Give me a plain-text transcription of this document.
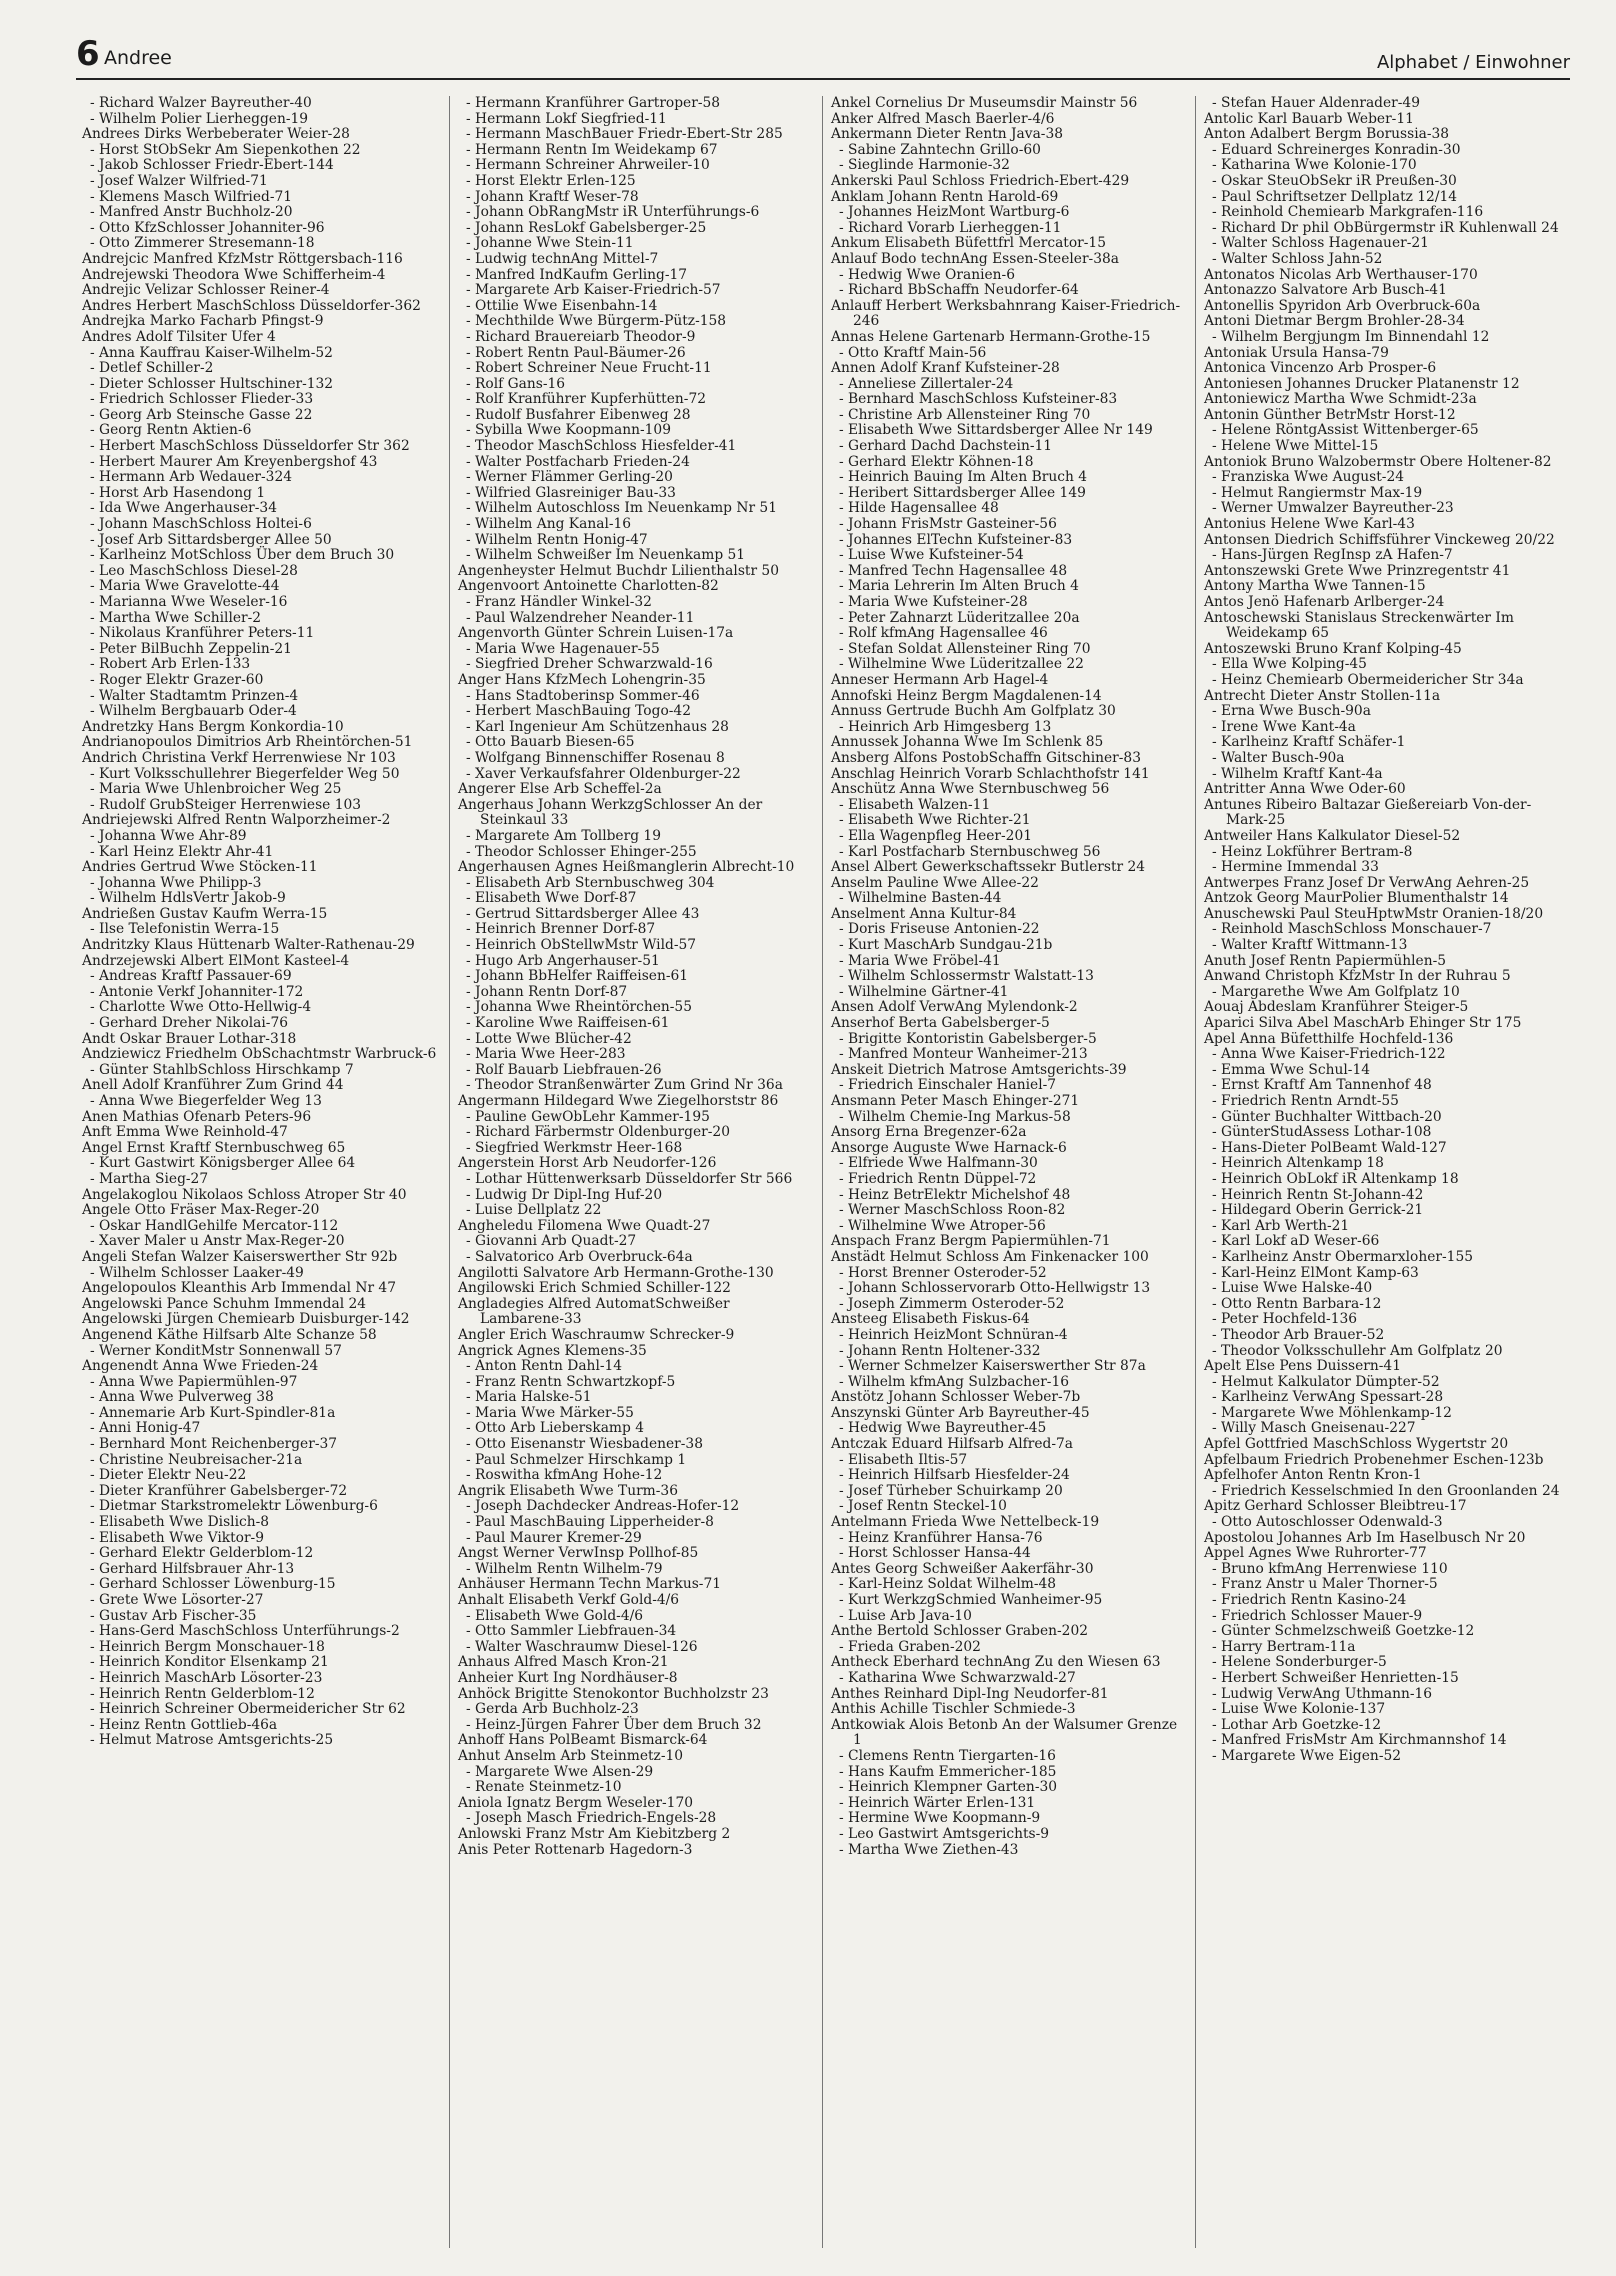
6 Andree	Alphabet / Einwohner
- Richard Walzer Bayreuther-40
- Wilhelm Polier Lierheggen-19
Andrees Dirks Werbeberater Weier-28
- Horst StObSekr Am Siepenkothen 22
- Jakob Schlosser Friedr-Ebert-144
- Josef Walzer Wilfried-71
- Klemens Masch Wilfried-71
- Manfred Anstr Buchholz-20
- Otto KfzSchlosser Johanniter-96
- Otto Zimmerer Stresemann-18
Andrejcic Manfred KfzMstr Röttgersbach-116
Andrejewski Theodora Wwe Schifferheim-4
Andrejic Velizar Schlosser Reiner-4
Andres Herbert MaschSchloss Düsseldorfer-362
Andrejka Marko Facharb Pfingst-9
Andres Adolf Tilsiter Ufer 4
- Anna Kauffrau Kaiser-Wilhelm-52
- Detlef Schiller-2
- Dieter Schlosser Hultschiner-132
- Friedrich Schlosser Flieder-33
- Georg Arb Steinsche Gasse 22
- Georg Rentn Aktien-6
- Herbert MaschSchloss Düsseldorfer Str 362
- Herbert Maurer Am Kreyenbergshof 43
- Hermann Arb Wedauer-324
- Horst Arb Hasendong 1
- Ida Wwe Angerhauser-34
- Johann MaschSchloss Holtei-6
- Josef Arb Sittardsberger Allee 50
- Karlheinz MotSchloss Über dem Bruch 30
- Leo MaschSchloss Diesel-28
- Maria Wwe Gravelotte-44
- Marianna Wwe Weseler-16
- Martha Wwe Schiller-2
- Nikolaus Kranführer Peters-11
- Peter BilBuchh Zeppelin-21
- Robert Arb Erlen-133
- Roger Elektr Grazer-60
- Walter Stadtamtm Prinzen-4
- Wilhelm Bergbauarb Oder-4
Andretzky Hans Bergm Konkordia-10
Andrianopoulos Dimitrios Arb Rheintörchen-51
Andrich Christina Verkf Herrenwiese Nr 103
- Kurt Volksschullehrer Biegerfelder Weg 50
- Maria Wwe Uhlenbroicher Weg 25
- Rudolf GrubSteiger Herrenwiese 103
Andriejewski Alfred Rentn Walporzheimer-2
- Johanna Wwe Ahr-89
- Karl Heinz Elektr Ahr-41
Andries Gertrud Wwe Stöcken-11
- Johanna Wwe Philipp-3
- Wilhelm HdlsVertr Jakob-9
Andrießen Gustav Kaufm Werra-15
- Ilse Telefonistin Werra-15
Andritzky Klaus Hüttenarb Walter-Rathenau-29
Andrzejewski Albert ElMont Kasteel-4
- Andreas Kraftf Passauer-69
- Antonie Verkf Johanniter-172
- Charlotte Wwe Otto-Hellwig-4
- Gerhard Dreher Nikolai-76
Andt Oskar Brauer Lothar-318
Andziewicz Friedhelm ObSchachtmstr Warbruck-6
- Günter StahlbSchloss Hirschkamp 7
Anell Adolf Kranführer Zum Grind 44
- Anna Wwe Biegerfelder Weg 13
Anen Mathias Ofenarb Peters-96
Anft Emma Wwe Reinhold-47
Angel Ernst Kraftf Sternbuschweg 65
- Kurt Gastwirt Königsberger Allee 64
- Martha Sieg-27
Angelakoglou Nikolaos Schloss Atroper Str 40
Angele Otto Fräser Max-Reger-20
- Oskar HandlGehilfe Mercator-112
- Xaver Maler u Anstr Max-Reger-20
Angeli Stefan Walzer Kaiserswerther Str 92b
- Wilhelm Schlosser Laaker-49
Angelopoulos Kleanthis Arb Immendal Nr 47
Angelowski Pance Schuhm Immendal 24
Angelowski Jürgen Chemiearb Duisburger-142
Angenend Käthe Hilfsarb Alte Schanze 58
- Werner KonditMstr Sonnenwall 57
Angenendt Anna Wwe Frieden-24
- Anna Wwe Papiermühlen-97
- Anna Wwe Pulverweg 38
- Annemarie Arb Kurt-Spindler-81a
- Anni Honig-47
- Bernhard Mont Reichenberger-37
- Christine Neubreisacher-21a
- Dieter Elektr Neu-22
- Dieter Kranführer Gabelsberger-72
- Dietmar Starkstromelektr Löwenburg-6
- Elisabeth Wwe Dislich-8
- Elisabeth Wwe Viktor-9
- Gerhard Elektr Gelderblom-12
- Gerhard Hilfsbrauer Ahr-13
- Gerhard Schlosser Löwenburg-15
- Grete Wwe Lösorter-27
- Gustav Arb Fischer-35
- Hans-Gerd MaschSchloss Unterführungs-2
- Heinrich Bergm Monschauer-18
- Heinrich Konditor Elsenkamp 21
- Heinrich MaschArb Lösorter-23
- Heinrich Rentn Gelderblom-12
- Heinrich Schreiner Obermeidericher Str 62
- Heinz Rentn Gottlieb-46a
- Helmut Matrose Amtsgerichts-25
- Hermann Kranführer Gartroper-58
- Hermann Lokf Siegfried-11
- Hermann MaschBauer Friedr-Ebert-Str 285
- Hermann Rentn Im Weidekamp 67
- Hermann Schreiner Ahrweiler-10
- Horst Elektr Erlen-125
- Johann Kraftf Weser-78
- Johann ObRangMstr iR Unterführungs-6
- Johann ResLokf Gabelsberger-25
- Johanne Wwe Stein-11
- Ludwig technAng Mittel-7
- Manfred IndKaufm Gerling-17
- Margarete Arb Kaiser-Friedrich-57
- Ottilie Wwe Eisenbahn-14
- Mechthilde Wwe Bürgerm-Pütz-158
- Richard Brauereiarb Theodor-9
- Robert Rentn Paul-Bäumer-26
- Robert Schreiner Neue Frucht-11
- Rolf Gans-16
- Rolf Kranführer Kupferhütten-72
- Rudolf Busfahrer Eibenweg 28
- Sybilla Wwe Koopmann-109
- Theodor MaschSchloss Hiesfelder-41
- Walter Postfacharb Frieden-24
- Werner Flämmer Gerling-20
- Wilfried Glasreiniger Bau-33
- Wilhelm Autoschloss Im Neuenkamp Nr 51
- Wilhelm Ang Kanal-16
- Wilhelm Rentn Honig-47
- Wilhelm Schweißer Im Neuenkamp 51
Angenheyster Helmut Buchdr Lilienthalstr 50
Angenvoort Antoinette Charlotten-82
- Franz Händler Winkel-32
- Paul Walzendreher Neander-11
Angenvorth Günter Schrein Luisen-17a
- Maria Wwe Hagenauer-55
- Siegfried Dreher Schwarzwald-16
Anger Hans KfzMech Lohengrin-35
- Hans Stadtoberinsp Sommer-46
- Herbert MaschBauing Togo-42
- Karl Ingenieur Am Schützenhaus 28
- Otto Bauarb Biesen-65
- Wolfgang Binnenschiffer Rosenau 8
- Xaver Verkaufsfahrer Oldenburger-22
Angerer Else Arb Scheffel-2a
Angerhaus Johann WerkzgSchlosser An der Steinkaul 33
- Margarete Am Tollberg 19
- Theodor Schlosser Ehinger-255
Angerhausen Agnes Heißmanglerin Albrecht-10
- Elisabeth Arb Sternbuschweg 304
- Elisabeth Wwe Dorf-87
- Gertrud Sittardsberger Allee 43
- Heinrich Brenner Dorf-87
- Heinrich ObStellwMstr Wild-57
- Hugo Arb Angerhauser-51
- Johann BbHelfer Raiffeisen-61
- Johann Rentn Dorf-87
- Johanna Wwe Rheintörchen-55
- Karoline Wwe Raiffeisen-61
- Lotte Wwe Blücher-42
- Maria Wwe Heer-283
- Rolf Bauarb Liebfrauen-26
- Theodor Stranßenwärter Zum Grind Nr 36a
Angermann Hildegard Wwe Ziegelhorststr 86
- Pauline GewObLehr Kammer-195
- Richard Färbermstr Oldenburger-20
- Siegfried Werkmstr Heer-168
Angerstein Horst Arb Neudorfer-126
- Lothar Hüttenwerksarb Düsseldorfer Str 566
- Ludwig Dr Dipl-Ing Huf-20
- Luise Dellplatz 22
Angheledu Filomena Wwe Quadt-27
- Giovanni Arb Quadt-27
- Salvatorico Arb Overbruck-64a
Angilotti Salvatore Arb Hermann-Grothe-130
Angilowski Erich Schmied Schiller-122
Angladegies Alfred AutomatSchweißer Lambarene-33
Angler Erich Waschraumw Schrecker-9
Angrick Agnes Klemens-35
- Anton Rentn Dahl-14
- Franz Rentn Schwartzkopf-5
- Maria Halske-51
- Maria Wwe Märker-55
- Otto Arb Lieberskamp 4
- Otto Eisenanstr Wiesbadener-38
- Paul Schmelzer Hirschkamp 1
- Roswitha kfmAng Hohe-12
Angrik Elisabeth Wwe Turm-36
- Joseph Dachdecker Andreas-Hofer-12
- Paul MaschBauing Lipperheider-8
- Paul Maurer Kremer-29
Angst Werner VerwInsp Pollhof-85
- Wilhelm Rentn Wilhelm-79
Anhäuser Hermann Techn Markus-71
Anhalt Elisabeth Verkf Gold-4/6
- Elisabeth Wwe Gold-4/6
- Otto Sammler Liebfrauen-34
- Walter Waschraumw Diesel-126
Anhaus Alfred Masch Kron-21
Anheier Kurt Ing Nordhäuser-8
Anhöck Brigitte Stenokontor Buchholzstr 23
- Gerda Arb Buchholz-23
- Heinz-Jürgen Fahrer Über dem Bruch 32
Anhoff Hans PolBeamt Bismarck-64
Anhut Anselm Arb Steinmetz-10
- Margarete Wwe Alsen-29
- Renate Steinmetz-10
Aniola Ignatz Bergm Weseler-170
- Joseph Masch Friedrich-Engels-28
Anlowski Franz Mstr Am Kiebitzberg 2
Anis Peter Rottenarb Hagedorn-3
Ankel Cornelius Dr Museumsdir Mainstr 56
Anker Alfred Masch Baerler-4/6
Ankermann Dieter Rentn Java-38
- Sabine Zahntechn Grillo-60
- Sieglinde Harmonie-32
Ankerski Paul Schloss Friedrich-Ebert-429
Anklam Johann Rentn Harold-69
- Johannes HeizMont Wartburg-6
- Richard Vorarb Lierheggen-11
Ankum Elisabeth Büfettfrl Mercator-15
Anlauf Bodo technAng Essen-Steeler-38a
- Hedwig Wwe Oranien-6
- Richard BbSchaffn Neudorfer-64
Anlauff Herbert Werksbahnrang Kaiser-Friedrich-246
Annas Helene Gartenarb Hermann-Grothe-15
- Otto Kraftf Main-56
Annen Adolf Kranf Kufsteiner-28
- Anneliese Zillertaler-24
- Bernhard MaschSchloss Kufsteiner-83
- Christine Arb Allensteiner Ring 70
- Elisabeth Wwe Sittardsberger Allee Nr 149
- Gerhard Dachd Dachstein-11
- Gerhard Elektr Köhnen-18
- Heinrich Bauing Im Alten Bruch 4
- Heribert Sittardsberger Allee 149
- Hilde Hagensallee 48
- Johann FrisMstr Gasteiner-56
- Johannes ElTechn Kufsteiner-83
- Luise Wwe Kufsteiner-54
- Manfred Techn Hagensallee 48
- Maria Lehrerin Im Alten Bruch 4
- Maria Wwe Kufsteiner-28
- Peter Zahnarzt Lüderitzallee 20a
- Rolf kfmAng Hagensallee 46
- Stefan Soldat Allensteiner Ring 70
- Wilhelmine Wwe Lüderitzallee 22
Anneser Hermann Arb Hagel-4
Annofski Heinz Bergm Magdalenen-14
Annuss Gertrude Buchh Am Golfplatz 30
- Heinrich Arb Himgesberg 13
Annussek Johanna Wwe Im Schlenk 85
Ansberg Alfons PostobSchaffn Gitschiner-83
Anschlag Heinrich Vorarb Schlachthofstr 141
Anschütz Anna Wwe Sternbuschweg 56
- Elisabeth Walzen-11
- Elisabeth Wwe Richter-21
- Ella Wagenpfleg Heer-201
- Karl Postfacharb Sternbuschweg 56
Ansel Albert Gewerkschaftssekr Butlerstr 24
Anselm Pauline Wwe Allee-22
- Wilhelmine Basten-44
Anselment Anna Kultur-84
- Doris Friseuse Antonien-22
- Kurt MaschArb Sundgau-21b
- Maria Wwe Fröbel-41
- Wilhelm Schlossermstr Walstatt-13
- Wilhelmine Gärtner-41
Ansen Adolf VerwAng Mylendonk-2
Anserhof Berta Gabelsberger-5
- Brigitte Kontoristin Gabelsberger-5
- Manfred Monteur Wanheimer-213
Anskeit Dietrich Matrose Amtsgerichts-39
- Friedrich Einschaler Haniel-7
Ansmann Peter Masch Ehinger-271
- Wilhelm Chemie-Ing Markus-58
Ansorg Erna Bregenzer-62a
Ansorge Auguste Wwe Harnack-6
- Elfriede Wwe Halfmann-30
- Friedrich Rentn Düppel-72
- Heinz BetrElektr Michelshof 48
- Werner MaschSchloss Roon-82
- Wilhelmine Wwe Atroper-56
Anspach Franz Bergm Papiermühlen-71
Anstädt Helmut Schloss Am Finkenacker 100
- Horst Brenner Osteroder-52
- Johann Schlosservorarb Otto-Hellwigstr 13
- Joseph Zimmerm Osteroder-52
Ansteeg Elisabeth Fiskus-64
- Heinrich HeizMont Schnüran-4
- Johann Rentn Holtener-332
- Werner Schmelzer Kaiserswerther Str 87a
- Wilhelm kfmAng Sulzbacher-16
Anstötz Johann Schlosser Weber-7b
Anszynski Günter Arb Bayreuther-45
- Hedwig Wwe Bayreuther-45
Antczak Eduard Hilfsarb Alfred-7a
- Elisabeth Iltis-57
- Heinrich Hilfsarb Hiesfelder-24
- Josef Türheber Schuirkamp 20
- Josef Rentn Steckel-10
Antelmann Frieda Wwe Nettelbeck-19
- Heinz Kranführer Hansa-76
- Horst Schlosser Hansa-44
Antes Georg Schweißer Aakerfähr-30
- Karl-Heinz Soldat Wilhelm-48
- Kurt WerkzgSchmied Wanheimer-95
- Luise Arb Java-10
Anthe Bertold Schlosser Graben-202
- Frieda Graben-202
Antheck Eberhard technAng Zu den Wiesen 63
- Katharina Wwe Schwarzwald-27
Anthes Reinhard Dipl-Ing Neudorfer-81
Anthis Achille Tischler Schmiede-3
Antkowiak Alois Betonb An der Walsumer Grenze 1
- Clemens Rentn Tiergarten-16
- Hans Kaufm Emmericher-185
- Heinrich Klempner Garten-30
- Heinrich Wärter Erlen-131
- Hermine Wwe Koopmann-9
- Leo Gastwirt Amtsgerichts-9
- Martha Wwe Ziethen-43
- Stefan Hauer Aldenrader-49
Antolic Karl Bauarb Weber-11
Anton Adalbert Bergm Borussia-38
- Eduard Schreinerges Konradin-30
- Katharina Wwe Kolonie-170
- Oskar SteuObSekr iR Preußen-30
- Paul Schriftsetzer Dellplatz 12/14
- Reinhold Chemiearb Markgrafen-116
- Richard Dr phil ObBürgermstr iR Kuhlenwall 24
- Walter Schloss Hagenauer-21
- Walter Schloss Jahn-52
Antonatos Nicolas Arb Werthauser-170
Antonazzo Salvatore Arb Busch-41
Antonellis Spyridon Arb Overbruck-60a
Antoni Dietmar Bergm Brohler-28-34
- Wilhelm Bergjungm Im Binnendahl 12
Antoniak Ursula Hansa-79
Antonica Vincenzo Arb Prosper-6
Antoniesen Johannes Drucker Platanenstr 12
Antoniewicz Martha Wwe Schmidt-23a
Antonin Günther BetrMstr Horst-12
- Helene RöntgAssist Wittenberger-65
- Helene Wwe Mittel-15
Antoniok Bruno Walzobermstr Obere Holtener-82
- Franziska Wwe August-24
- Helmut Rangiermstr Max-19
- Werner Umwalzer Bayreuther-23
Antonius Helene Wwe Karl-43
Antonsen Diedrich Schiffsführer Vinckeweg 20/22
- Hans-Jürgen RegInsp zA Hafen-7
Antonszewski Grete Wwe Prinzregentstr 41
Antony Martha Wwe Tannen-15
Antos Jenö Hafenarb Arlberger-24
Antoschewski Stanislaus Streckenwärter Im Weidekamp 65
Antoszewski Bruno Kranf Kolping-45
- Ella Wwe Kolping-45
- Heinz Chemiearb Obermeidericher Str 34a
Antrecht Dieter Anstr Stollen-11a
- Erna Wwe Busch-90a
- Irene Wwe Kant-4a
- Karlheinz Kraftf Schäfer-1
- Walter Busch-90a
- Wilhelm Kraftf Kant-4a
Antritter Anna Wwe Oder-60
Antunes Ribeiro Baltazar Gießereiarb Von-der-Mark-25
Antweiler Hans Kalkulator Diesel-52
- Heinz Lokführer Bertram-8
- Hermine Immendal 33
Antwerpes Franz Josef Dr VerwAng Aehren-25
Antzok Georg MaurPolier Blumenthalstr 14
Anuschewski Paul SteuHptwMstr Oranien-18/20
- Reinhold MaschSchloss Monschauer-7
- Walter Kraftf Wittmann-13
Anuth Josef Rentn Papiermühlen-5
Anwand Christoph KfzMstr In der Ruhrau 5
- Margarethe Wwe Am Golfplatz 10
Aouaj Abdeslam Kranführer Steiger-5
Aparici Silva Abel MaschArb Ehinger Str 175
Apel Anna Büfetthilfe Hochfeld-136
- Anna Wwe Kaiser-Friedrich-122
- Emma Wwe Schul-14
- Ernst Kraftf Am Tannenhof 48
- Friedrich Rentn Arndt-55
- Günter Buchhalter Wittbach-20
- GünterStudAssess Lothar-108
- Hans-Dieter PolBeamt Wald-127
- Heinrich Altenkamp 18
- Heinrich ObLokf iR Altenkamp 18
- Heinrich Rentn St-Johann-42
- Hildegard Oberin Gerrick-21
- Karl Arb Werth-21
- Karl Lokf aD Weser-66
- Karlheinz Anstr Obermarxloher-155
- Karl-Heinz ElMont Kamp-63
- Luise Wwe Halske-40
- Otto Rentn Barbara-12
- Peter Hochfeld-136
- Theodor Arb Brauer-52
- Theodor Volksschullehr Am Golfplatz 20
Apelt Else Pens Duissern-41
- Helmut Kalkulator Dümpter-52
- Karlheinz VerwAng Spessart-28
- Margarete Wwe Möhlenkamp-12
- Willy Masch Gneisenau-227
Apfel Gottfried MaschSchloss Wygertstr 20
Apfelbaum Friedrich Probenehmer Eschen-123b
Apfelhofer Anton Rentn Kron-1
- Friedrich Kesselschmied In den Groonlanden 24
Apitz Gerhard Schlosser Bleibtreu-17
- Otto Autoschlosser Odenwald-3
Apostolou Johannes Arb Im Haselbusch Nr 20
Appel Agnes Wwe Ruhrorter-77
- Bruno kfmAng Herrenwiese 110
- Franz Anstr u Maler Thorner-5
- Friedrich Rentn Kasino-24
- Friedrich Schlosser Mauer-9
- Günter Schmelzschweiß Goetzke-12
- Harry Bertram-11a
- Helene Sonderburger-5
- Herbert Schweißer Henrietten-15
- Ludwig VerwAng Uthmann-16
- Luise Wwe Kolonie-137
- Lothar Arb Goetzke-12
- Manfred FrisMstr Am Kirchmannshof 14
- Margarete Wwe Eigen-52
